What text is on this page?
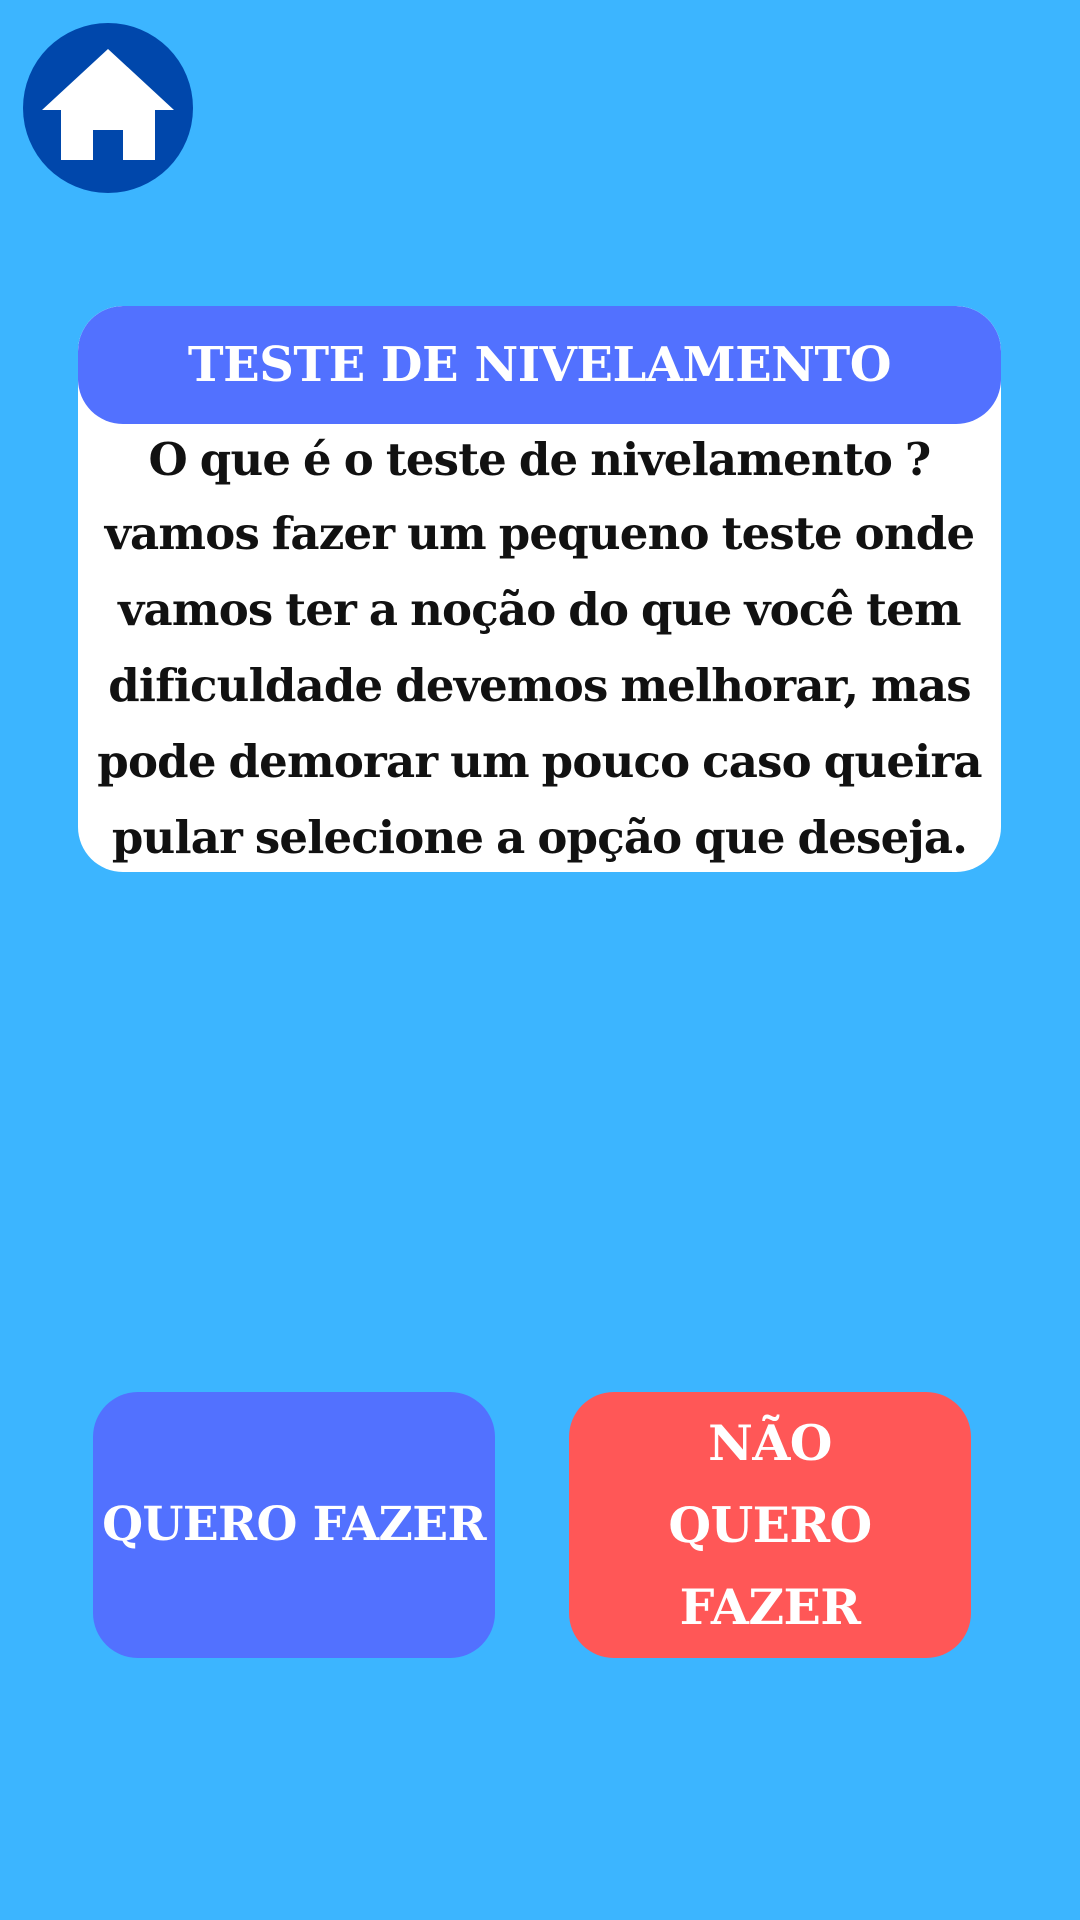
TESTE DE NIVELAMENTO
O que é o teste de nivelamento ?
vamos fazer um pequeno teste onde vamos ter a noção do que você tem dificuldade devemos melhorar, mas pode demorar um pouco caso queira pular selecione a opção que deseja.
QUERO FAZER
NÃO QUERO FAZER
